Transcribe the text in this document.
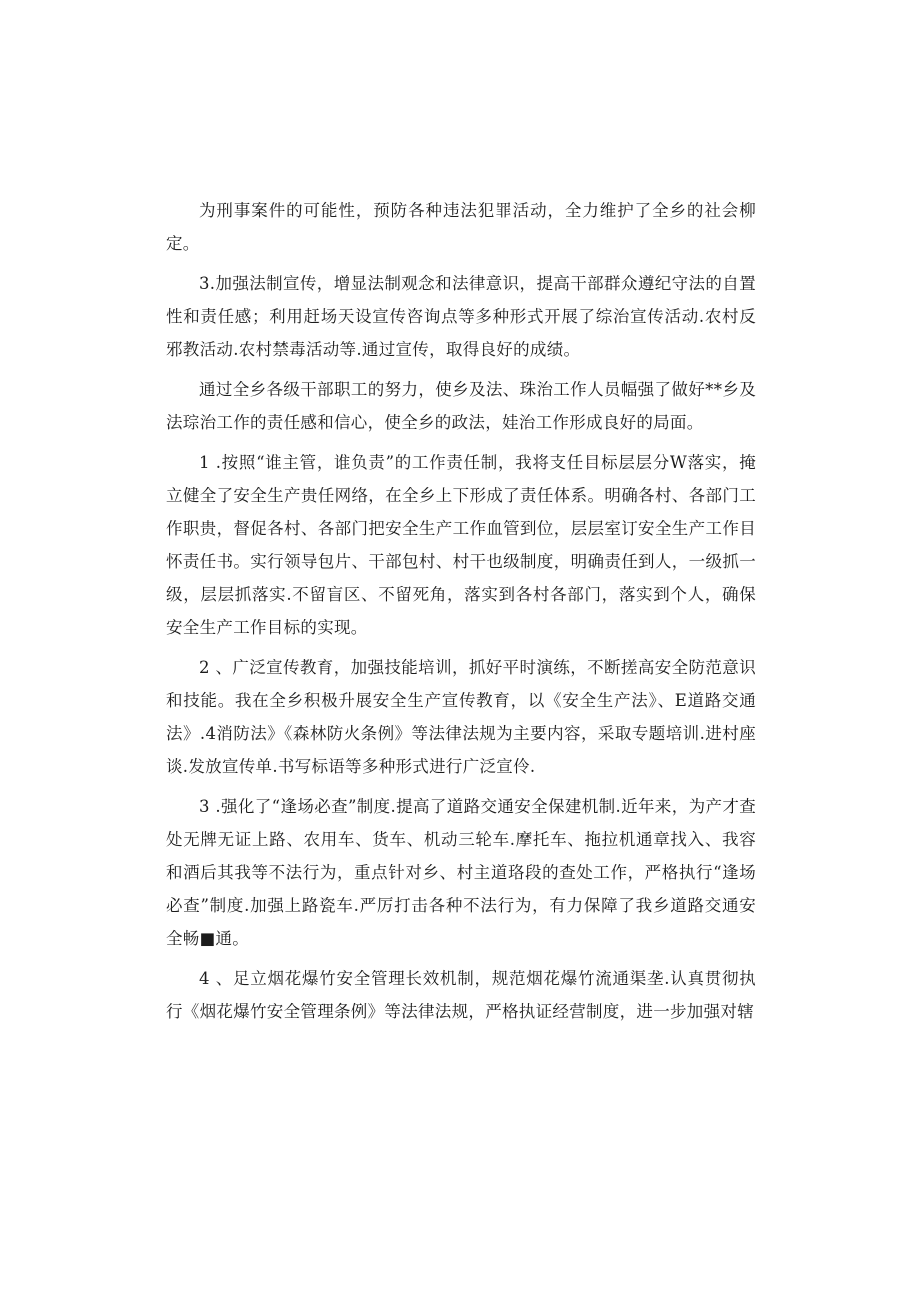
为刑事案件的可能性，预防各种违法犯罪活动，全力维护了全乡的社会柳定。

3.加强法制宣传，增显法制观念和法律意识，提高干部群众遵纪守法的自置性和责任感；利用赶场天设宣传咨询点等多种形式开展了综治宣传活动.农村反邪教活动.农村禁毒活动等.通过宣传，取得良好的成绩。

通过全乡各级干部职工的努力，使乡及法、珠治工作人员幅强了做好**乡及法琮治工作的责任感和信心，使全乡的政法，娃治工作形成良好的局面。

1 .按照“谁主管，谁负责”的工作责任制，我将支任目标层层分W落实，掩立健全了安全生产贵任网络，在全乡上下形成了责任体系。明确各村、各部门工作职贵，督促各村、各部门把安全生产工作血管到位，层层室订安全生产工作目怀责任书。实行领导包片、干部包村、村干也级制度，明确责任到人，一级抓一级，层层抓落实.不留盲区、不留死角，落实到各村各部门，落实到个人，确保安全生产工作目标的实现。

2 、广泛宣传教育，加强技能培训，抓好平时演练，不断搓高安全防范意识和技能。我在全乡积极升展安全生产宣传教育，以《安全生产法》、E道路交通法》.4消防法》《森林防火条例》等法律法规为主要内容，采取专题培训.进村座谈.发放宣传单.书写标语等多种形式进行广泛宣伶.

3 .强化了“逢场必查”制度.提高了道路交通安全保建机制.近年来，为产才查处无牌无证上路、农用车、货车、机动三轮车.摩托车、拖拉机通章找入、我容和酒后其我等不法行为，重点针对乡、村主道珞段的查处工作，严格执行“逢场必查”制度.加强上路瓷车.严厉打击各种不法行为，有力保障了我乡道路交通安全畅■通。

4 、足立烟花爆竹安全管理长效机制，规范烟花爆竹流通渠垄.认真贯彻执行《烟花爆竹安全管理条例》等法律法规，严格执证经营制度，进一步加强对辖
